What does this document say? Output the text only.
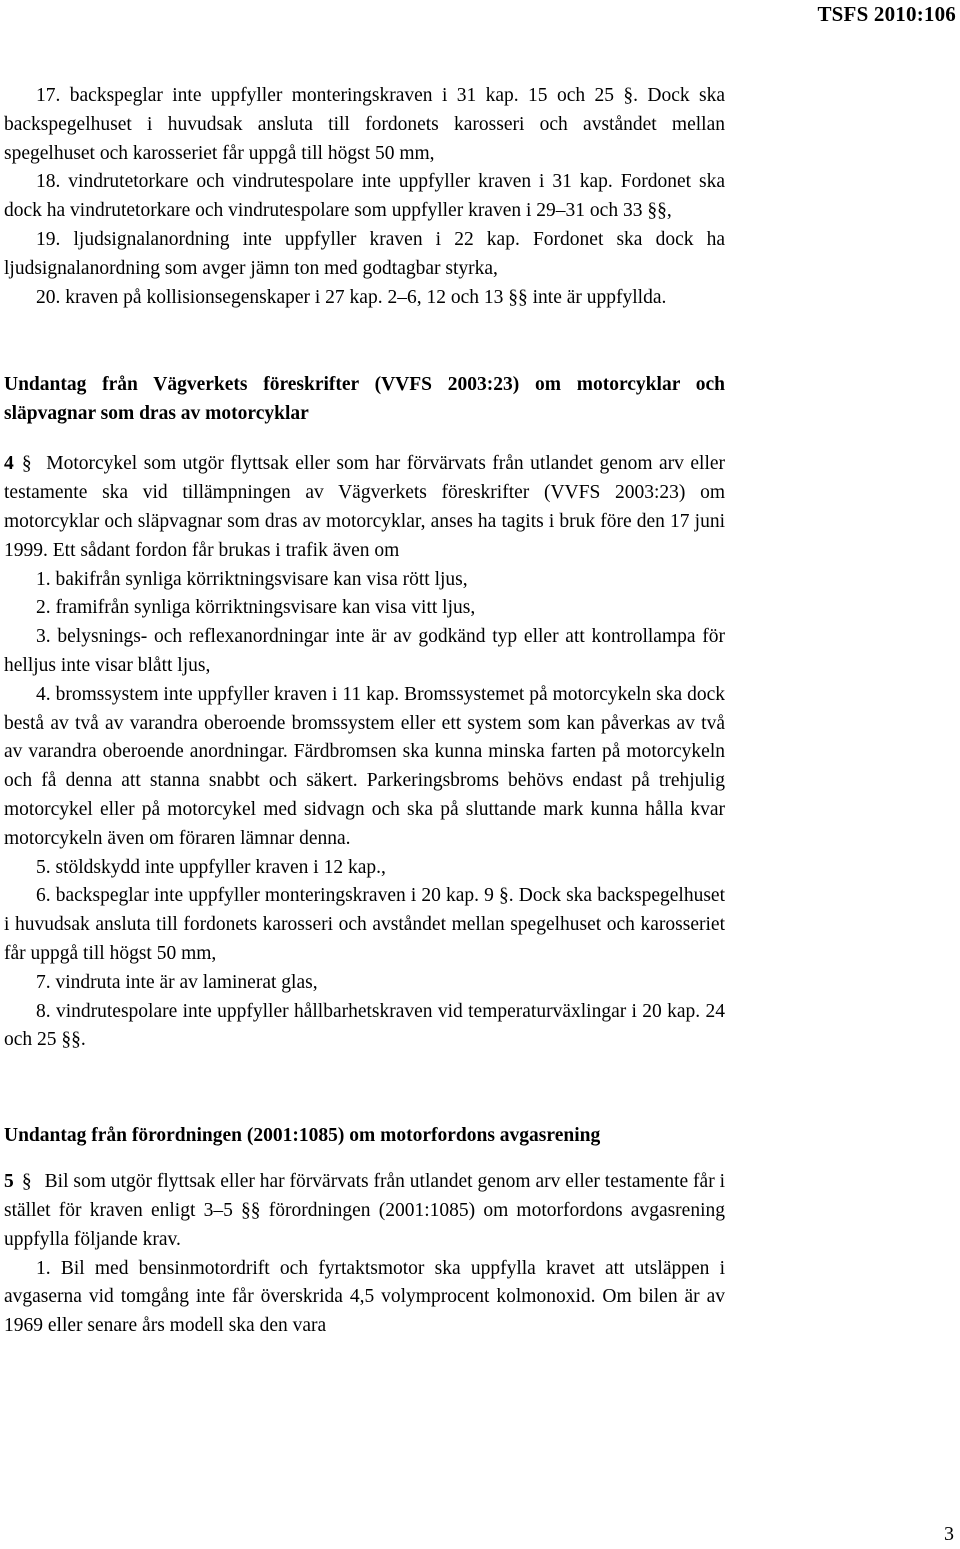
TSFS 2010:106

17. backspeglar inte uppfyller monteringskraven i 31 kap. 15 och 25 §. Dock ska backspegelhuset i huvudsak ansluta till fordonets karosseri och avståndet mellan spegelhuset och karosseriet får uppgå till högst 50 mm,

18. vindrutetorkare och vindrutespolare inte uppfyller kraven i 31 kap. Fordonet ska dock ha vindrutetorkare och vindrutespolare som uppfyller kraven i 29–31 och 33 §§,

19. ljudsignalanordning inte uppfyller kraven i 22 kap. Fordonet ska dock ha ljudsignalanordning som avger jämn ton med godtagbar styrka,

20. kraven på kollisionsegenskaper i 27 kap. 2–6, 12 och 13 §§ inte är uppfyllda.

Undantag från Vägverkets föreskrifter (VVFS 2003:23) om motorcyklar och släpvagnar som dras av motorcyklar

4 § Motorcykel som utgör flyttsak eller som har förvärvats från utlandet genom arv eller testamente ska vid tillämpningen av Vägverkets föreskrifter (VVFS 2003:23) om motorcyklar och släpvagnar som dras av motorcyklar, anses ha tagits i bruk före den 17 juni 1999. Ett sådant fordon får brukas i trafik även om

1. bakifrån synliga körriktningsvisare kan visa rött ljus,

2. framifrån synliga körriktningsvisare kan visa vitt ljus,

3. belysnings- och reflexanordningar inte är av godkänd typ eller att kontrollampa för helljus inte visar blått ljus,

4. bromssystem inte uppfyller kraven i 11 kap. Bromssystemet på motorcykeln ska dock bestå av två av varandra oberoende bromssystem eller ett system som kan påverkas av två av varandra oberoende anordningar. Färdbromsen ska kunna minska farten på motorcykeln och få denna att stanna snabbt och säkert. Parkeringsbroms behövs endast på trehjulig motorcykel eller på motorcykel med sidvagn och ska på sluttande mark kunna hålla kvar motorcykeln även om föraren lämnar denna.

5. stöldskydd inte uppfyller kraven i 12 kap.,

6. backspeglar inte uppfyller monteringskraven i 20 kap. 9 §. Dock ska backspegelhuset i huvudsak ansluta till fordonets karosseri och avståndet mellan spegelhuset och karosseriet får uppgå till högst 50 mm,

7. vindruta inte är av laminerat glas,

8. vindrutespolare inte uppfyller hållbarhetskraven vid temperaturväxlingar i 20 kap. 24 och 25 §§.

Undantag från förordningen (2001:1085) om motorfordons avgasrening

5 § Bil som utgör flyttsak eller har förvärvats från utlandet genom arv eller testamente får i stället för kraven enligt 3–5 §§ förordningen (2001:1085) om motorfordons avgasrening uppfylla följande krav.

1. Bil med bensinmotordrift och fyrtaktsmotor ska uppfylla kravet att utsläppen i avgaserna vid tomgång inte får överskrida 4,5 volymprocent kolmonoxid. Om bilen är av 1969 eller senare års modell ska den vara

3
